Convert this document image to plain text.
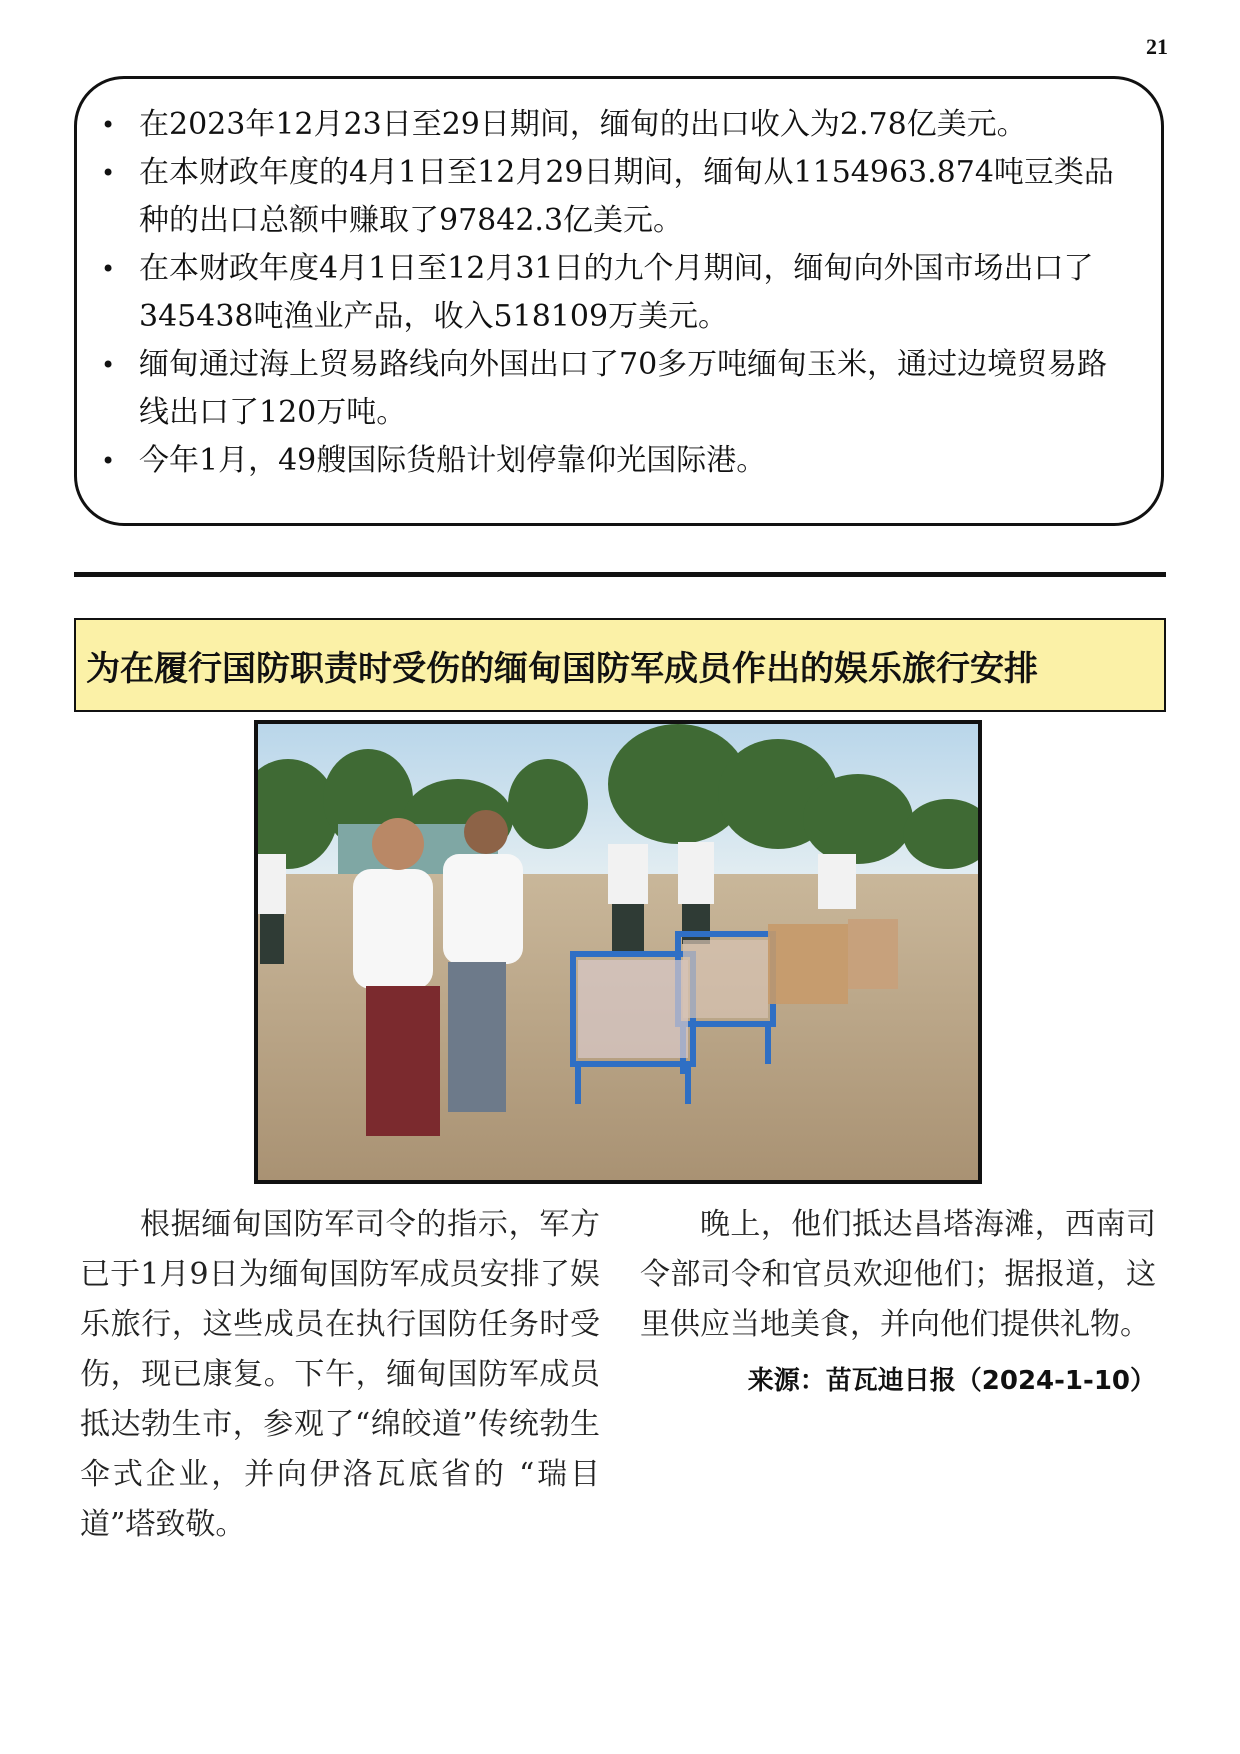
21
• 在2023年12月23日至29日期间，缅甸的出口收入为2.78亿美元。
• 在本财政年度的4月1日至12月29日期间，缅甸从1154963.874吨豆类品种的出口总额中赚取了97842.3亿美元。
• 在本财政年度4月1日至12月31日的九个月期间，缅甸向外国市场出口了345438吨渔业产品，收入518109万美元。
• 缅甸通过海上贸易路线向外国出口了70多万吨缅甸玉米，通过边境贸易路线出口了120万吨。
• 今年1月，49艘国际货船计划停靠仰光国际港。
为在履行国防职责时受伤的缅甸国防军成员作出的娱乐旅行安排

根据缅甸国防军司令的指示，军方已于1月9日为缅甸国防军成员安排了娱乐旅行，这些成员在执行国防任务时受伤，现已康复。下午，缅甸国防军成员抵达勃生市，参观了“绵皎道”传统勃生伞式企业，并向伊洛瓦底省的 “瑞目道”塔致敬。

晚上，他们抵达昌塔海滩，西南司令部司令和官员欢迎他们；据报道，这里供应当地美食，并向他们提供礼物。

来源：苗瓦迪日报（2024-1-10）
